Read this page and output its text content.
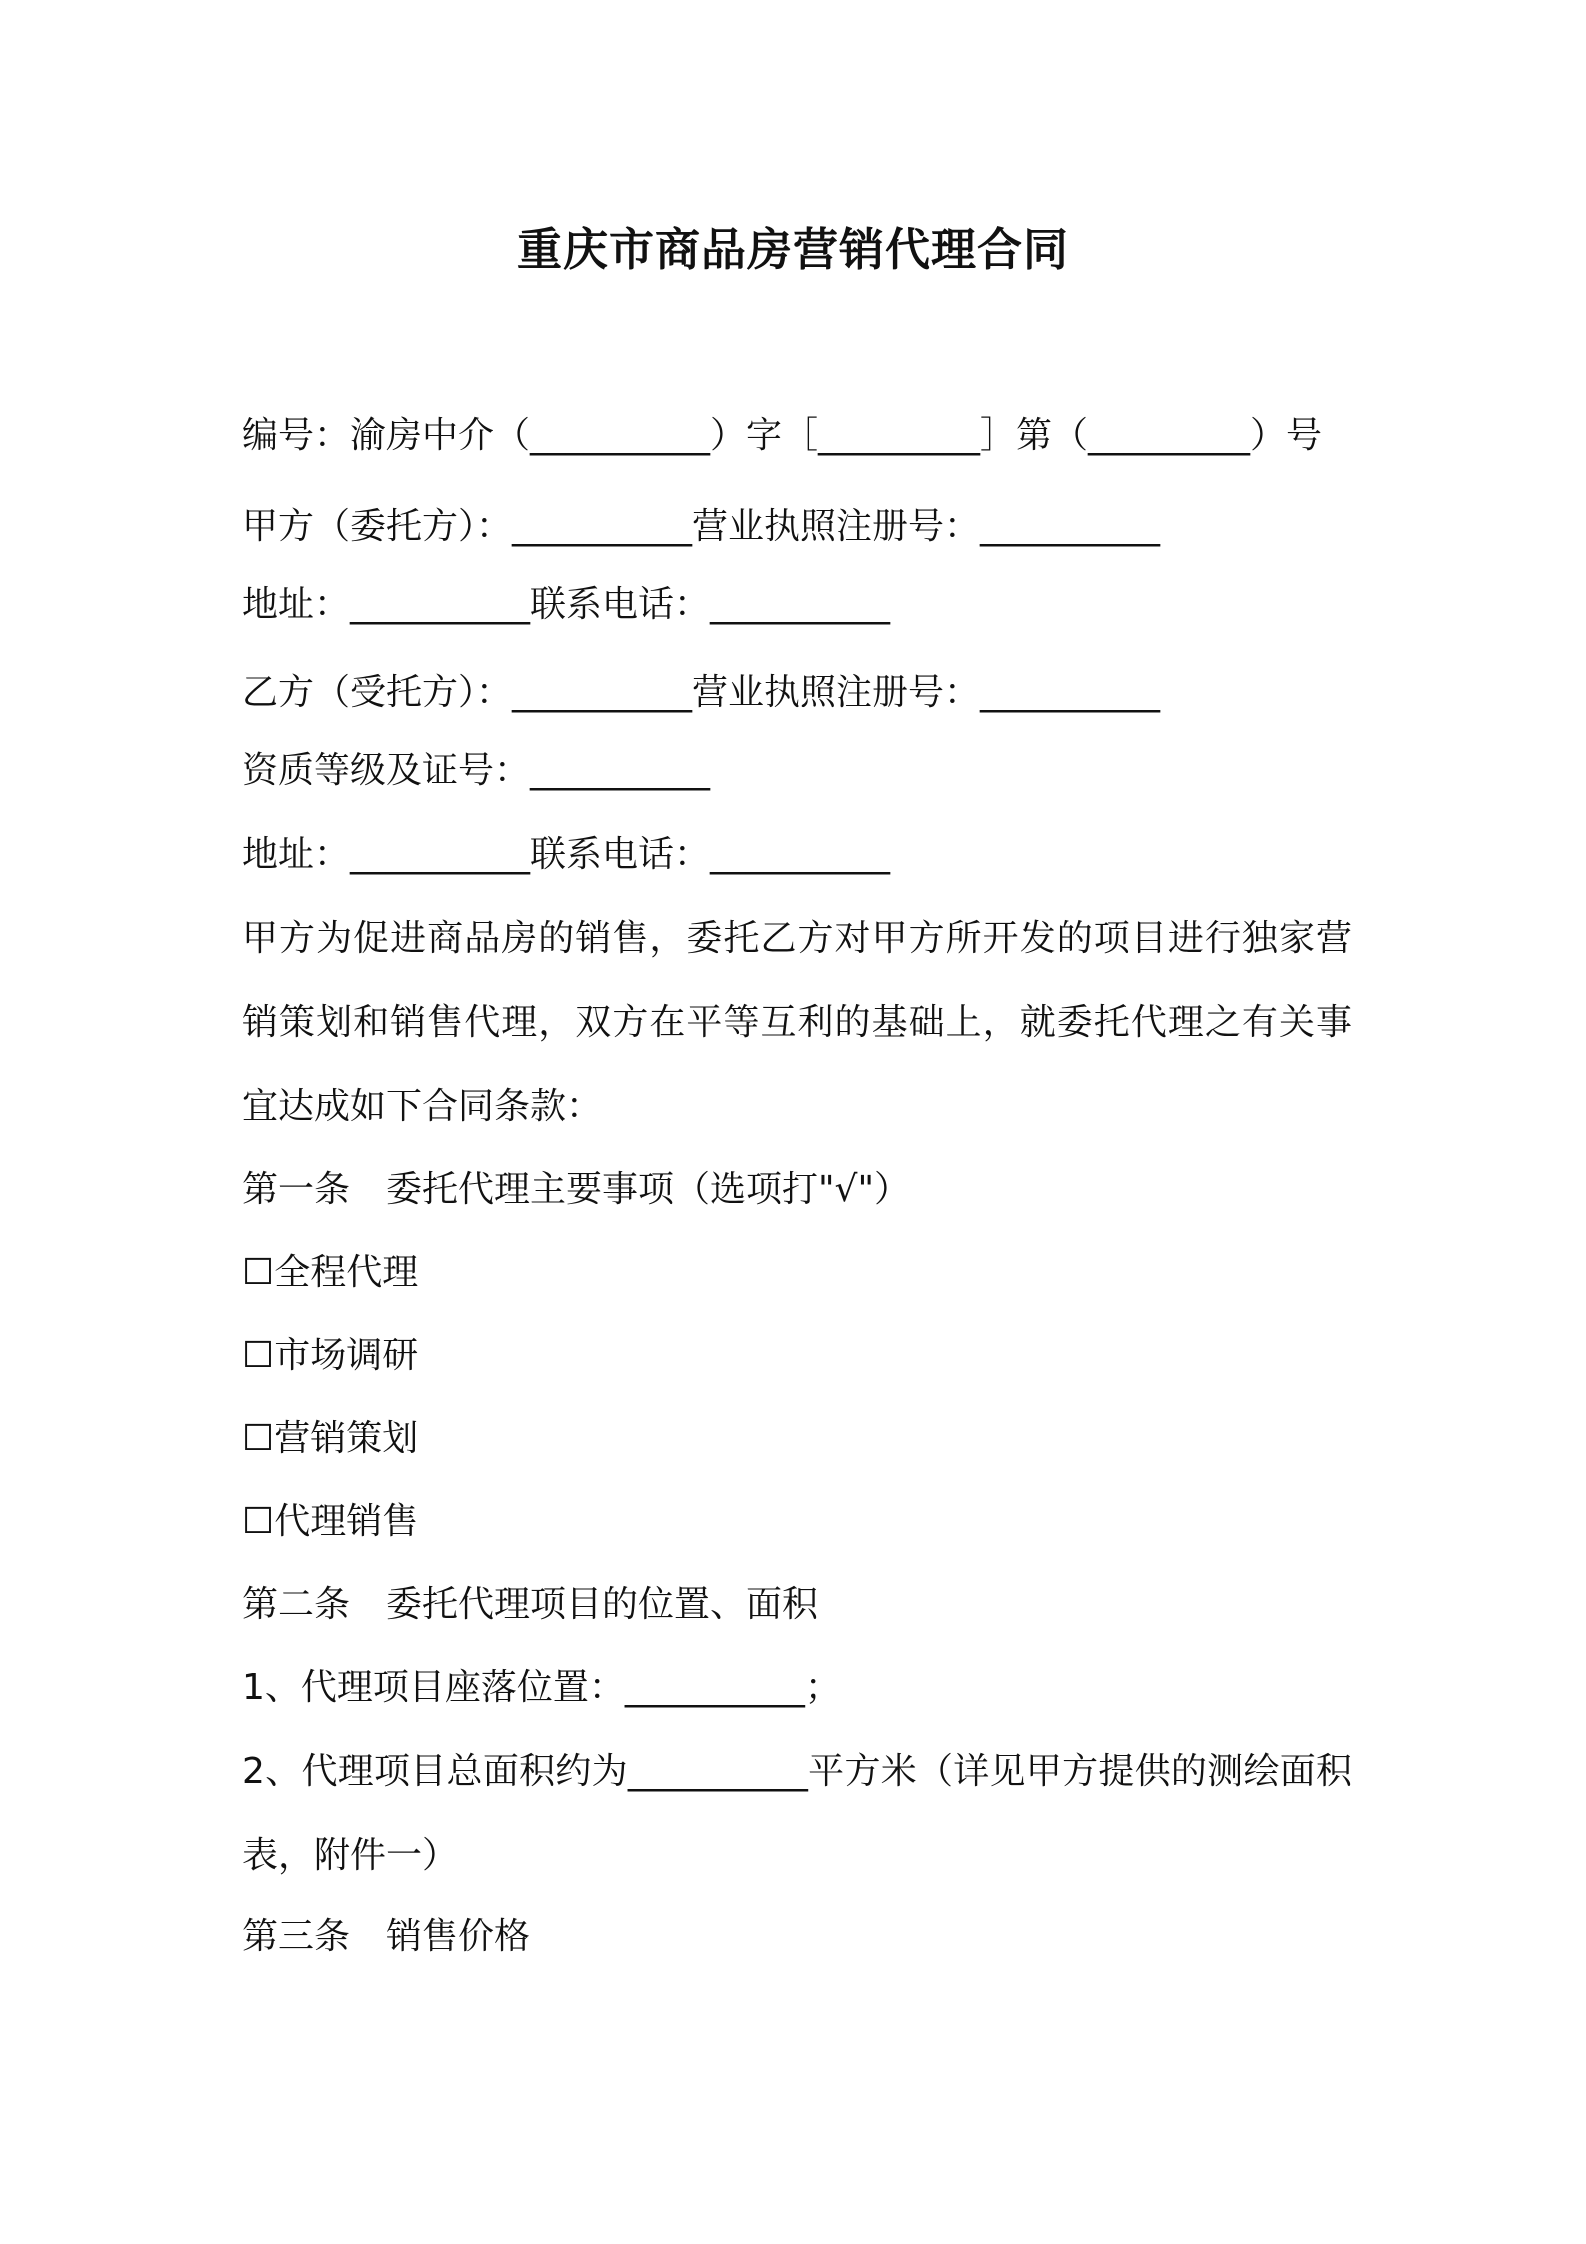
重庆市商品房营销代理合同
编号：渝房中介（__________）字［_________］第（_________）号
甲方（委托方）：__________营业执照注册号：__________
地址：__________联系电话：__________
乙方（受托方）：__________营业执照注册号：__________
资质等级及证号：__________
地址：__________联系电话：__________
甲方为促进商品房的销售，委托乙方对甲方所开发的项目进行独家营销策划和销售代理，双方在平等互利的基础上，就委托代理之有关事宜达成如下合同条款：
第一条　委托代理主要事项（选项打"√"）
☐全程代理
☐市场调研
☐营销策划
☐代理销售
第二条　委托代理项目的位置、面积
1、代理项目座落位置：__________；
2、代理项目总面积约为__________平方米（详见甲方提供的测绘面积表，附件一）
第三条　销售价格
